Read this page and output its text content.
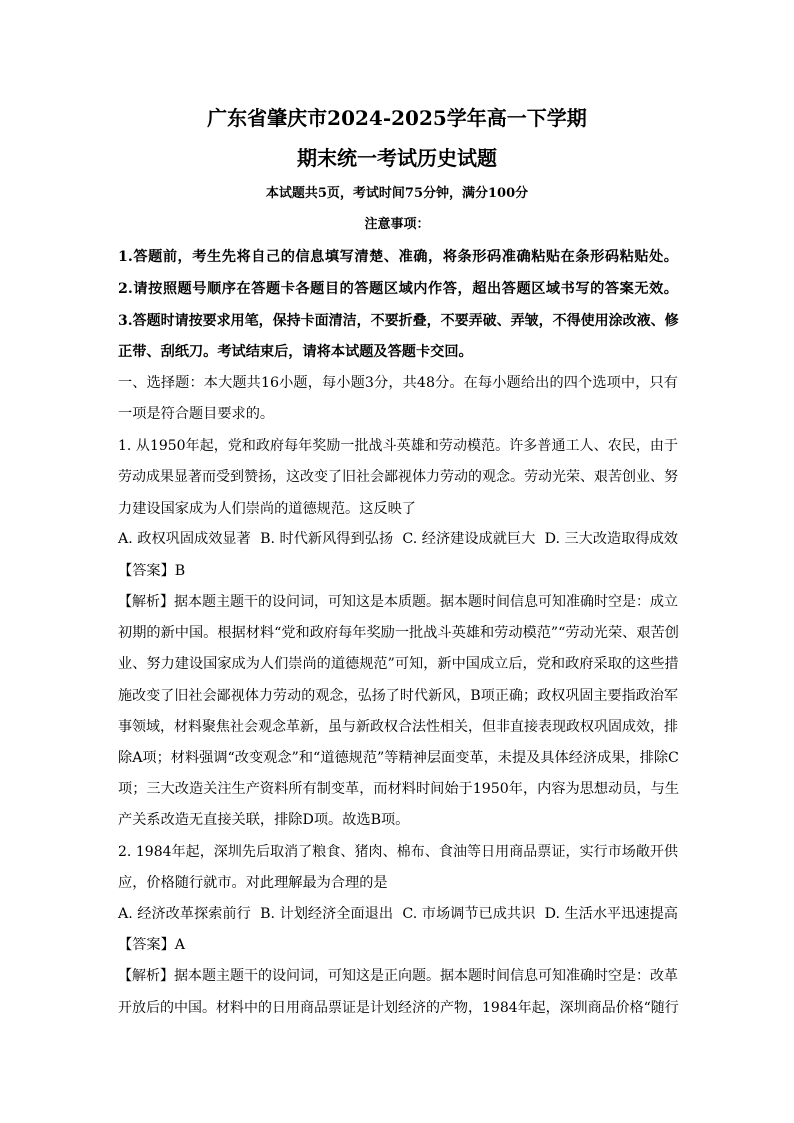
广东省肇庆市2024-2025学年高一下学期
期末统一考试历史试题
本试题共5页，考试时间75分钟，满分100分
注意事项：
1.答题前，考生先将自己的信息填写清楚、准确，将条形码准确粘贴在条形码粘贴处。
2.请按照题号顺序在答题卡各题目的答题区域内作答，超出答题区域书写的答案无效。
3.答题时请按要求用笔，保持卡面清洁，不要折叠，不要弄破、弄皱，不得使用涂改液、修
正带、刮纸刀。考试结束后，请将本试题及答题卡交回。
一、选择题：本大题共16小题，每小题3分，共48分。在每小题给出的四个选项中，只有
一项是符合题目要求的。
1. 从1950年起，党和政府每年奖励一批战斗英雄和劳动模范。许多普通工人、农民，由于
劳动成果显著而受到赞扬，这改变了旧社会鄙视体力劳动的观念。劳动光荣、艰苦创业、努
力建设国家成为人们崇尚的道德规范。这反映了
A. 政权巩固成效显著 B. 时代新风得到弘扬 C. 经济建设成就巨大 D. 三大改造取得成效
【答案】B
【解析】据本题主题干的设问词，可知这是本质题。据本题时间信息可知准确时空是：成立
初期的新中国。根据材料“党和政府每年奖励一批战斗英雄和劳动模范”“劳动光荣、艰苦创
业、努力建设国家成为人们崇尚的道德规范”可知，新中国成立后，党和政府采取的这些措
施改变了旧社会鄙视体力劳动的观念，弘扬了时代新风，B项正确；政权巩固主要指政治军
事领域，材料聚焦社会观念革新，虽与新政权合法性相关，但非直接表现政权巩固成效，排
除A项；材料强调“改变观念”和“道德规范”等精神层面变革，未提及具体经济成果，排除C
项；三大改造关注生产资料所有制变革，而材料时间始于1950年，内容为思想动员，与生
产关系改造无直接关联，排除D项。故选B项。
2. 1984年起，深圳先后取消了粮食、猪肉、棉布、食油等日用商品票证，实行市场敞开供
应，价格随行就市。对此理解最为合理的是
A. 经济改革探索前行 B. 计划经济全面退出 C. 市场调节已成共识 D. 生活水平迅速提高
【答案】A
【解析】据本题主题干的设问词，可知这是正向题。据本题时间信息可知准确时空是：改革
开放后的中国。材料中的日用商品票证是计划经济的产物，1984年起，深圳商品价格“随行
